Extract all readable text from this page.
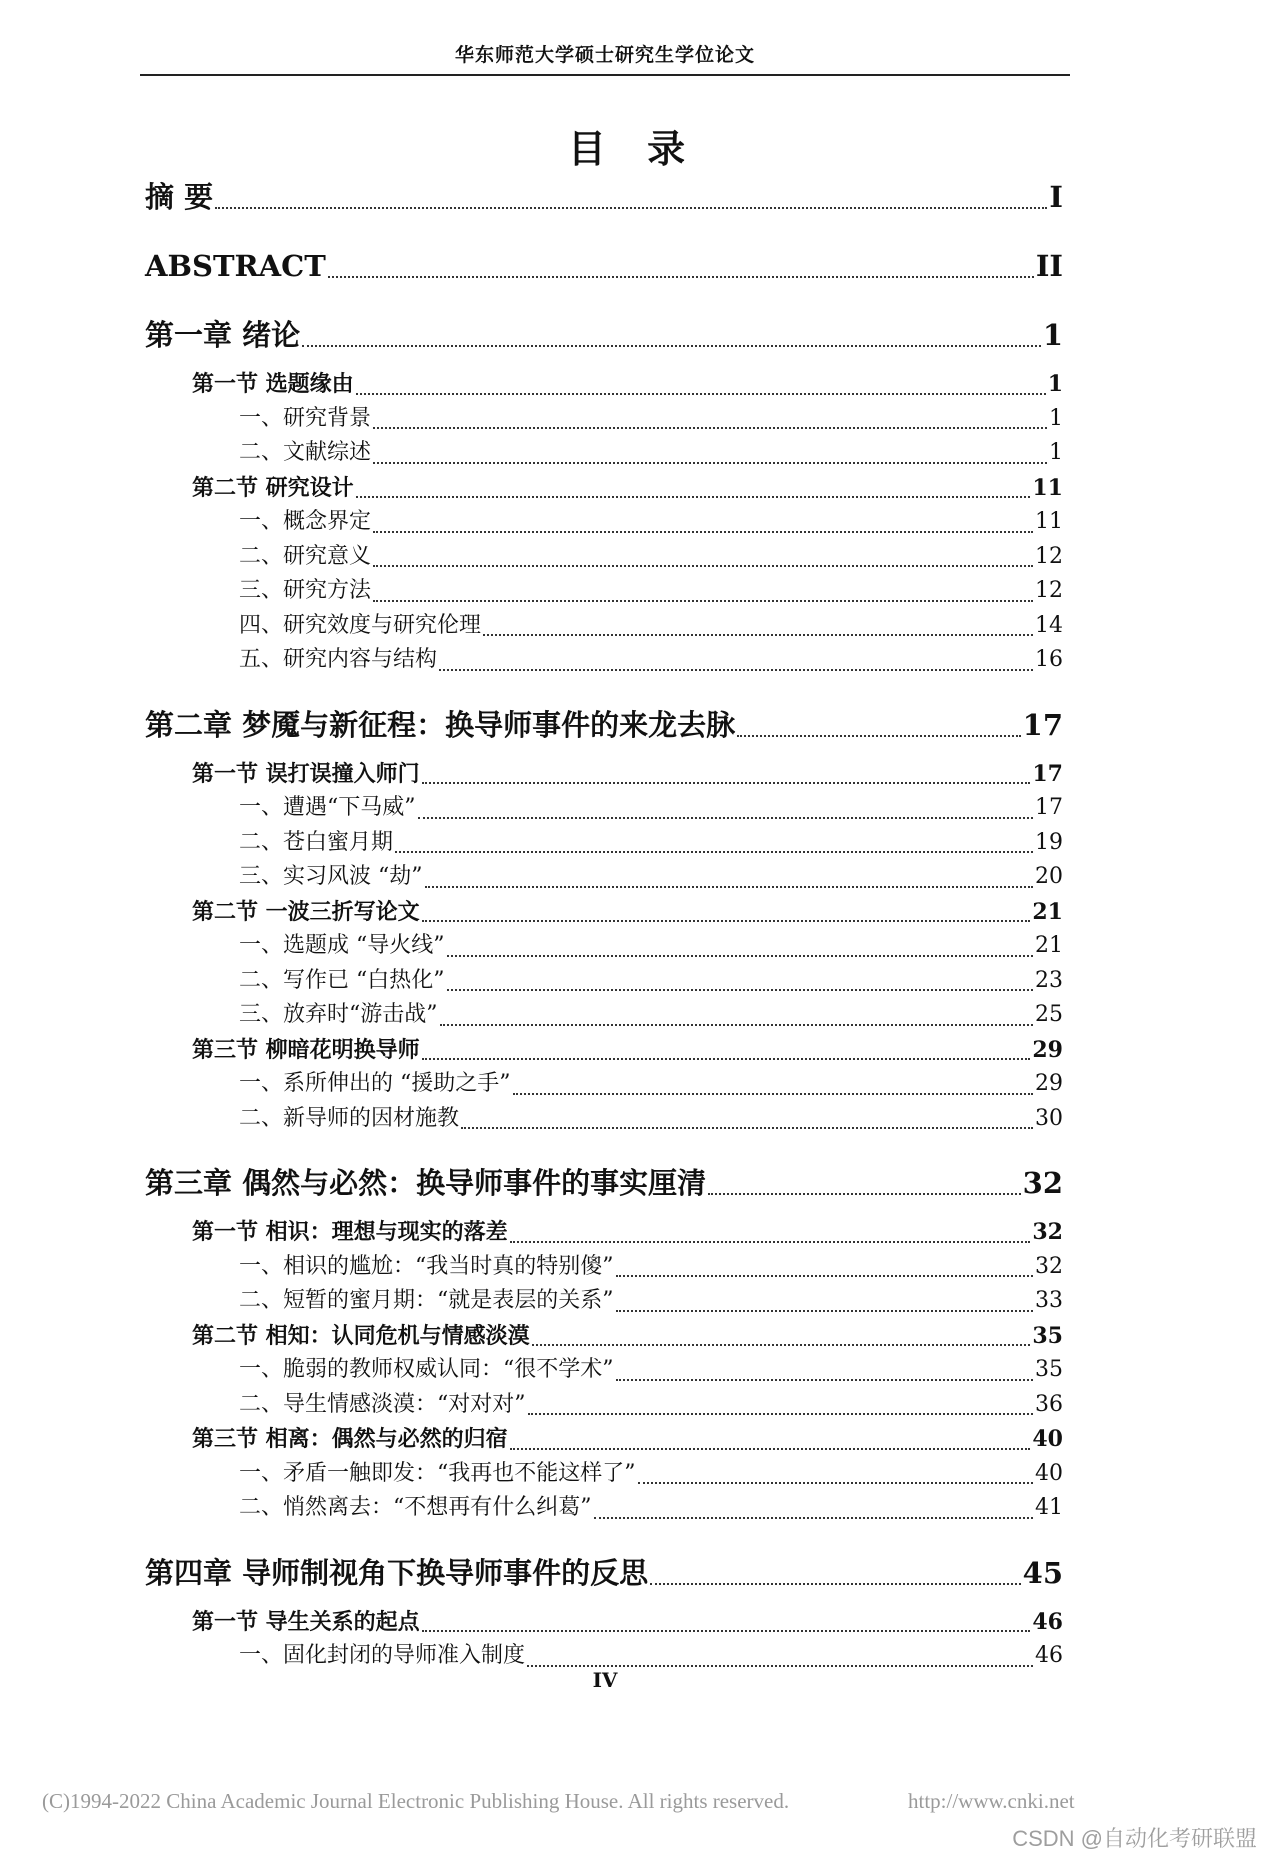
华东师范大学硕士研究生学位论文
目 录
摘 要	I
ABSTRACT	II
第一章 绪论	1
第一节 选题缘由	1
一、研究背景	1
二、文献综述	1
第二节 研究设计	11
一、概念界定	11
二、研究意义	12
三、研究方法	12
四、研究效度与研究伦理	14
五、研究内容与结构	16
第二章 梦魇与新征程：换导师事件的来龙去脉	17
第一节 误打误撞入师门	17
一、遭遇“下马威”	17
二、苍白蜜月期	19
三、实习风波 “劫”	20
第二节 一波三折写论文	21
一、选题成 “导火线”	21
二、写作已 “白热化”	23
三、放弃时“游击战”	25
第三节 柳暗花明换导师	29
一、系所伸出的 “援助之手”	29
二、新导师的因材施教	30
第三章 偶然与必然：换导师事件的事实厘清	32
第一节 相识：理想与现实的落差	32
一、相识的尴尬：“我当时真的特别傻”	32
二、短暂的蜜月期：“就是表层的关系”	33
第二节 相知：认同危机与情感淡漠	35
一、脆弱的教师权威认同：“很不学术”	35
二、导生情感淡漠：“对对对”	36
第三节 相离：偶然与必然的归宿	40
一、矛盾一触即发：“我再也不能这样了”	40
二、悄然离去：“不想再有什么纠葛”	41
第四章 导师制视角下换导师事件的反思	45
第一节 导生关系的起点	46
一、固化封闭的导师准入制度	46
IV
(C)1994-2022 China Academic Journal Electronic Publishing House. All rights reserved.	http://www.cnki.net
CSDN @自动化考研联盟
